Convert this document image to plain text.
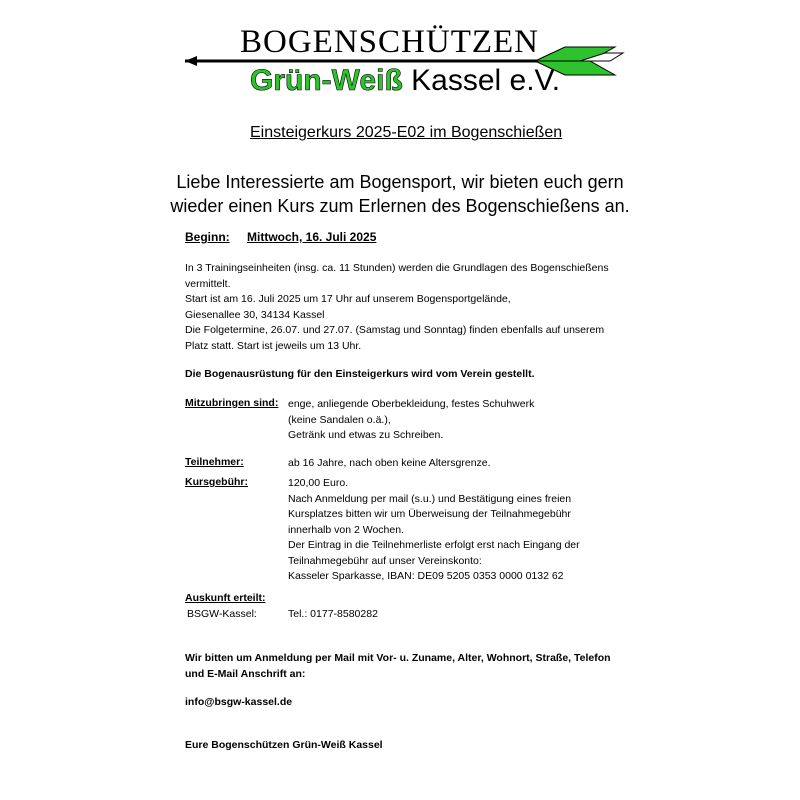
BOGENSCHÜTZEN
Grün-Weiß Kassel e.V.
Einsteigerkurs 2025-E02 im Bogenschießen
Liebe Interessierte am Bogensport, wir bieten euch gern
wieder einen Kurs zum Erlernen des Bogenschießens an.
Beginn: Mittwoch, 16. Juli 2025
In 3 Trainingseinheiten (insg. ca. 11 Stunden) werden die Grundlagen des Bogenschießens
vermittelt.
Start ist am 16. Juli 2025 um 17 Uhr auf unserem Bogensportgelände,
Giesenallee 30, 34134 Kassel
Die Folgetermine, 26.07. und 27.07. (Samstag und Sonntag) finden ebenfalls auf unserem
Platz statt. Start ist jeweils um 13 Uhr.
Die Bogenausrüstung für den Einsteigerkurs wird vom Verein gestellt.
Mitzubringen sind: enge, anliegende Oberbekleidung, festes Schuhwerk
(keine Sandalen o.ä.),
Getränk und etwas zu Schreiben.
Teilnehmer:	ab 16 Jahre, nach oben keine Altersgrenze.
Kursgebühr:	120,00 Euro.
Nach Anmeldung per mail (s.u.) und Bestätigung eines freien
Kursplatzes bitten wir um Überweisung der Teilnahmegebühr
innerhalb von 2 Wochen.
Der Eintrag in die Teilnehmerliste erfolgt erst nach Eingang der
Teilnahmegebühr auf unser Vereinskonto:
Kasseler Sparkasse, IBAN: DE09 5205 0353 0000 0132 62
Auskunft erteilt:
BSGW-Kassel:	Tel.: 0177-8580282
Wir bitten um Anmeldung per Mail mit Vor- u. Zuname, Alter, Wohnort, Straße, Telefon
und E-Mail Anschrift an:
info@bsgw-kassel.de
Eure Bogenschützen Grün-Weiß Kassel
